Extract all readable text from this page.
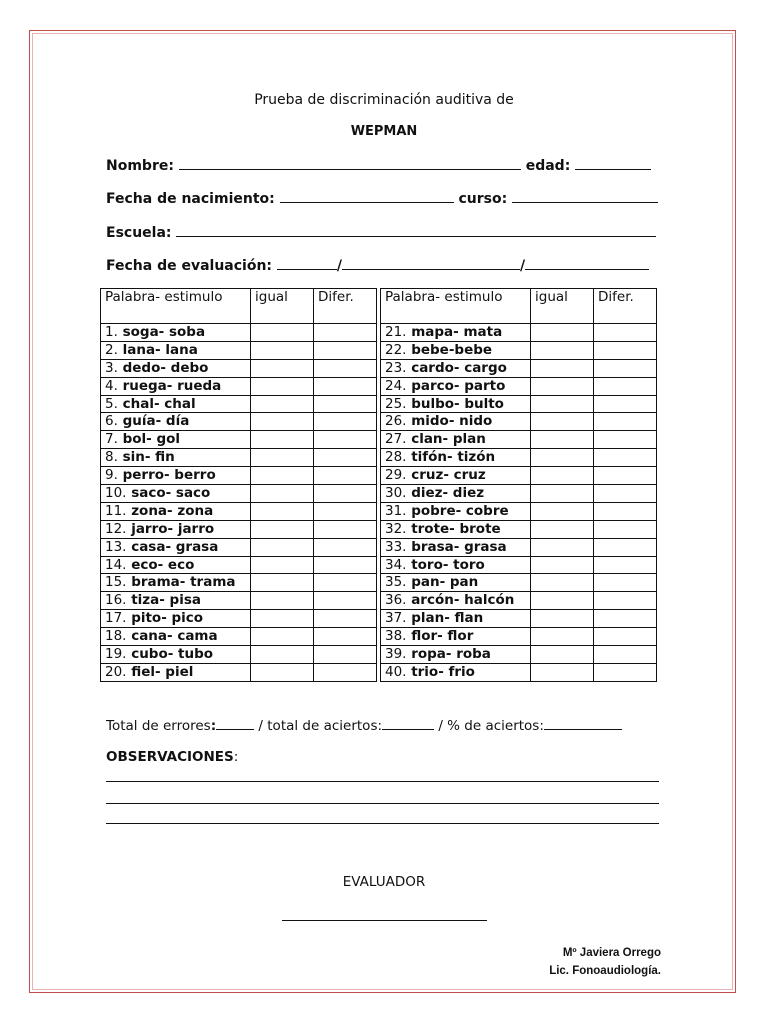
Prueba de discriminación auditiva de
WEPMAN
Nombre:	edad:
Fecha de nacimiento:	curso:
Escuela:
Fecha de evaluación:	/	/
Palabra- estimulo	igual	Difer.
1. soga- soba		
2. lana- lana		
3. dedo- debo		
4. ruega- rueda		
5. chal- chal		
6. guía- día		
7. bol- gol		
8. sin- fin		
9. perro- berro		
10. saco- saco		
11. zona- zona		
12. jarro- jarro		
13. casa- grasa		
14. eco- eco		
15. brama- trama		
16. tiza- pisa		
17. pito- pico		
18. cana- cama		
19. cubo- tubo		
20. fiel- piel		
Palabra- estimulo	igual	Difer.
21. mapa- mata		
22. bebe-bebe		
23. cardo- cargo		
24. parco- parto		
25. bulbo- bulto		
26. mido- nido		
27. clan- plan		
28. tifón- tizón		
29. cruz- cruz		
30. diez- diez		
31. pobre- cobre		
32. trote- brote		
33. brasa- grasa		
34. toro- toro		
35. pan- pan		
36. arcón- halcón		
37. plan- flan		
38. flor- flor		
39. ropa- roba		
40. trio- frio		
Total de errores:	/ total de aciertos:	/ % de aciertos:
OBSERVACIONES:
EVALUADOR
Mº Javiera Orrego
Lic. Fonoaudiología.
